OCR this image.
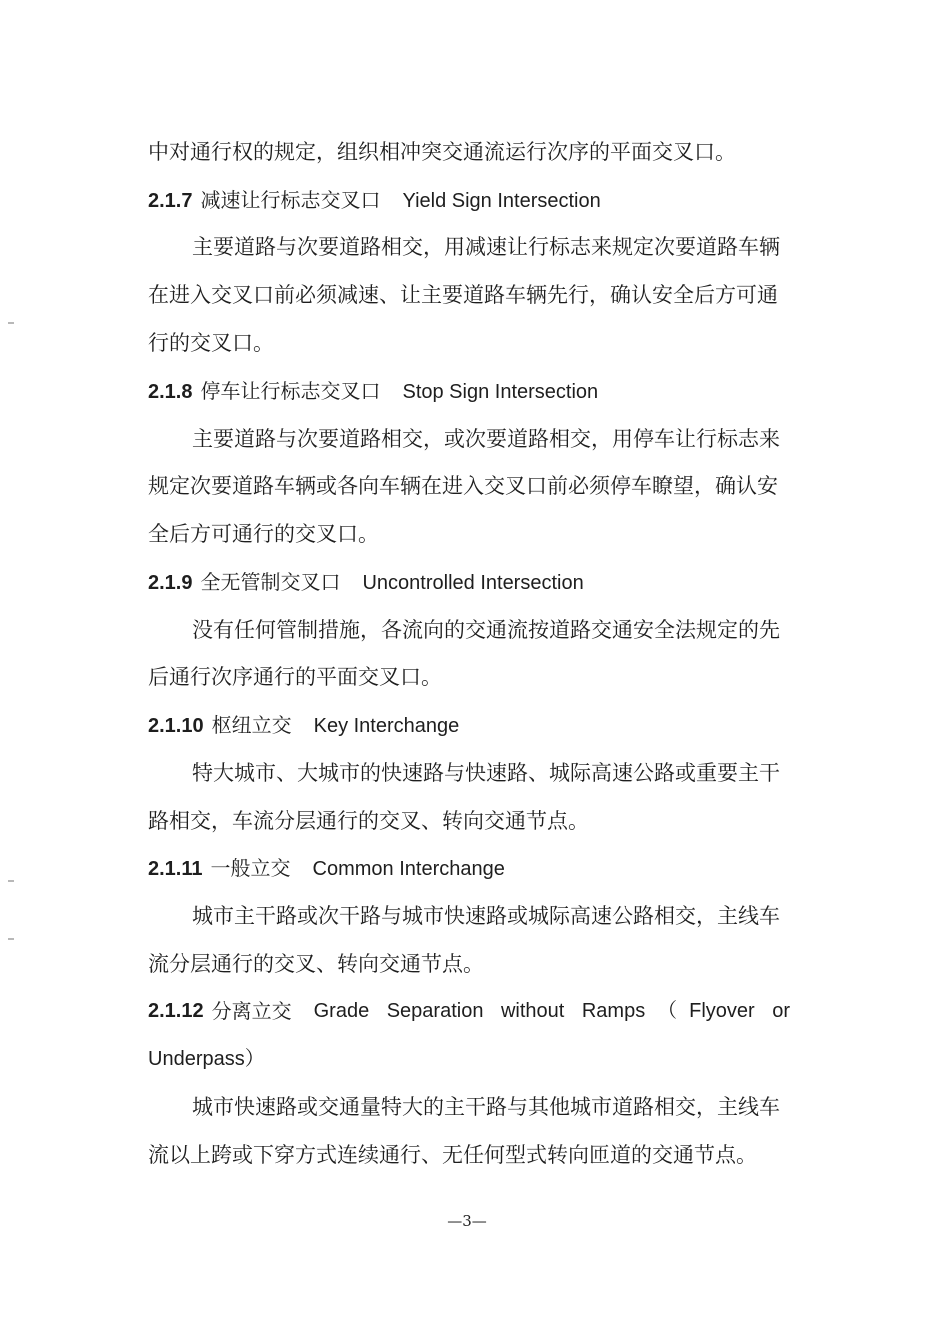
中对通行权的规定，组织相冲突交通流运行次序的平面交叉口。
2.1.7 减速让行标志交叉口 Yield Sign Intersection
主要道路与次要道路相交，用减速让行标志来规定次要道路车辆
在进入交叉口前必须减速、让主要道路车辆先行，确认安全后方可通
行的交叉口。
2.1.8 停车让行标志交叉口 Stop Sign Intersection
主要道路与次要道路相交，或次要道路相交，用停车让行标志来
规定次要道路车辆或各向车辆在进入交叉口前必须停车瞭望，确认安
全后方可通行的交叉口。
2.1.9 全无管制交叉口 Uncontrolled Intersection
没有任何管制措施，各流向的交通流按道路交通安全法规定的先
后通行次序通行的平面交叉口。
2.1.10 枢纽立交 Key Interchange
特大城市、大城市的快速路与快速路、城际高速公路或重要主干
路相交，车流分层通行的交叉、转向交通节点。
2.1.11 一般立交 Common Interchange
城市主干路或次干路与城市快速路或城际高速公路相交，主线车
流分层通行的交叉、转向交通节点。
2.1.12 分离立交 Grade Separation without Ramps（Flyover or
Underpass）
城市快速路或交通量特大的主干路与其他城市道路相交，主线车
流以上跨或下穿方式连续通行、无任何型式转向匝道的交通节点。
—3—
